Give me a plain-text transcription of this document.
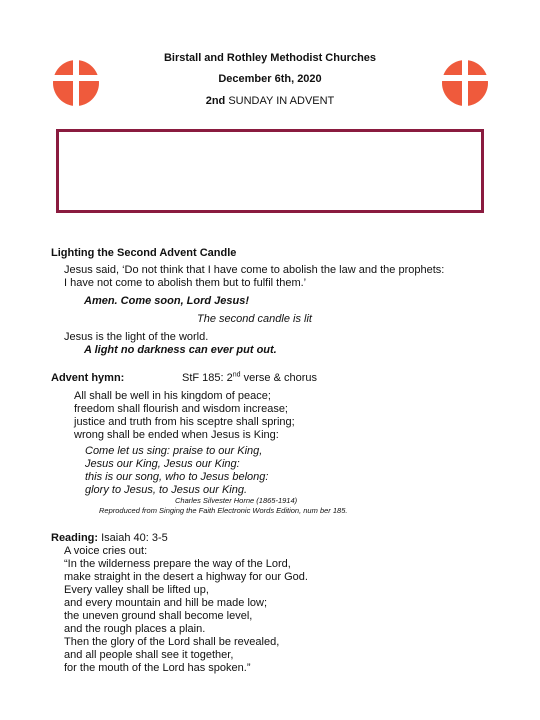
Birstall and Rothley Methodist Churches
December 6th, 2020
2nd SUNDAY IN ADVENT
Lighting the Second Advent Candle
Jesus said, ‘Do not think that I have come to abolish the law and the prophets:
I have not come to abolish them but to fulfil them.’
Amen. Come soon, Lord Jesus!
The second candle is lit
Jesus is the light of the world.
A light no darkness can ever put out.
Advent hymn:	StF 185: 2nd verse & chorus
All shall be well in his kingdom of peace;
freedom shall flourish and wisdom increase;
justice and truth from his sceptre shall spring;
wrong shall be ended when Jesus is King:
Come let us sing: praise to our King,
Jesus our King, Jesus our King:
this is our song, who to Jesus belong:
glory to Jesus, to Jesus our King.
Charles Silvester Horne (1865-1914)
Reproduced from Singing the Faith Electronic Words Edition, num ber 185.
Reading: Isaiah 40: 3-5
A voice cries out:
“In the wilderness prepare the way of the Lord,
make straight in the desert a highway for our God.
Every valley shall be lifted up,
and every mountain and hill be made low;
the uneven ground shall become level,
and the rough places a plain.
Then the glory of the Lord shall be revealed,
and all people shall see it together,
for the mouth of the Lord has spoken.”
